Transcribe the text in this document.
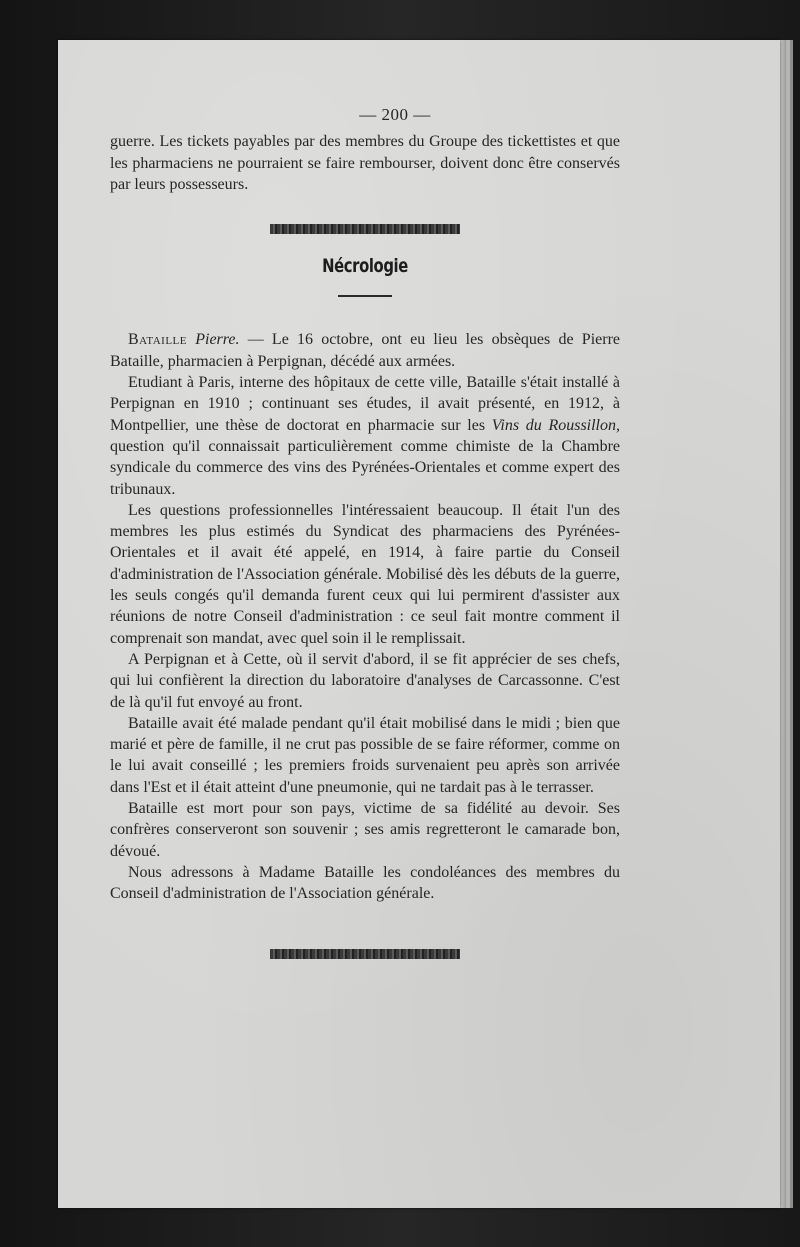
— 200 —

guerre. Les tickets payables par des membres du Groupe des tickettistes et que les pharmaciens ne pourraient se faire rembourser, doivent donc être conservés par leurs possesseurs.

Nécrologie

Bataille Pierre. — Le 16 octobre, ont eu lieu les obsèques de Pierre Bataille, pharmacien à Perpignan, décédé aux armées.

Etudiant à Paris, interne des hôpitaux de cette ville, Bataille s'était installé à Perpignan en 1910 ; continuant ses études, il avait présenté, en 1912, à Montpellier, une thèse de doctorat en pharmacie sur les Vins du Roussillon, question qu'il connaissait particulièrement comme chimiste de la Chambre syndicale du commerce des vins des Pyrénées-Orientales et comme expert des tribunaux.

Les questions professionnelles l'intéressaient beaucoup. Il était l'un des membres les plus estimés du Syndicat des pharmaciens des Pyrénées-Orientales et il avait été appelé, en 1914, à faire partie du Conseil d'administration de l'Association générale. Mobilisé dès les débuts de la guerre, les seuls congés qu'il demanda furent ceux qui lui permirent d'assister aux réunions de notre Conseil d'administration : ce seul fait montre comment il comprenait son mandat, avec quel soin il le remplissait.

A Perpignan et à Cette, où il servit d'abord, il se fit apprécier de ses chefs, qui lui confièrent la direction du laboratoire d'analyses de Carcassonne. C'est de là qu'il fut envoyé au front.

Bataille avait été malade pendant qu'il était mobilisé dans le midi ; bien que marié et père de famille, il ne crut pas possible de se faire réformer, comme on le lui avait conseillé ; les premiers froids survenaient peu après son arrivée dans l'Est et il était atteint d'une pneumonie, qui ne tardait pas à le terrasser.

Bataille est mort pour son pays, victime de sa fidélité au devoir. Ses confrères conserveront son souvenir ; ses amis regretteront le camarade bon, dévoué.

Nous adressons à Madame Bataille les condoléances des membres du Conseil d'administration de l'Association générale.
